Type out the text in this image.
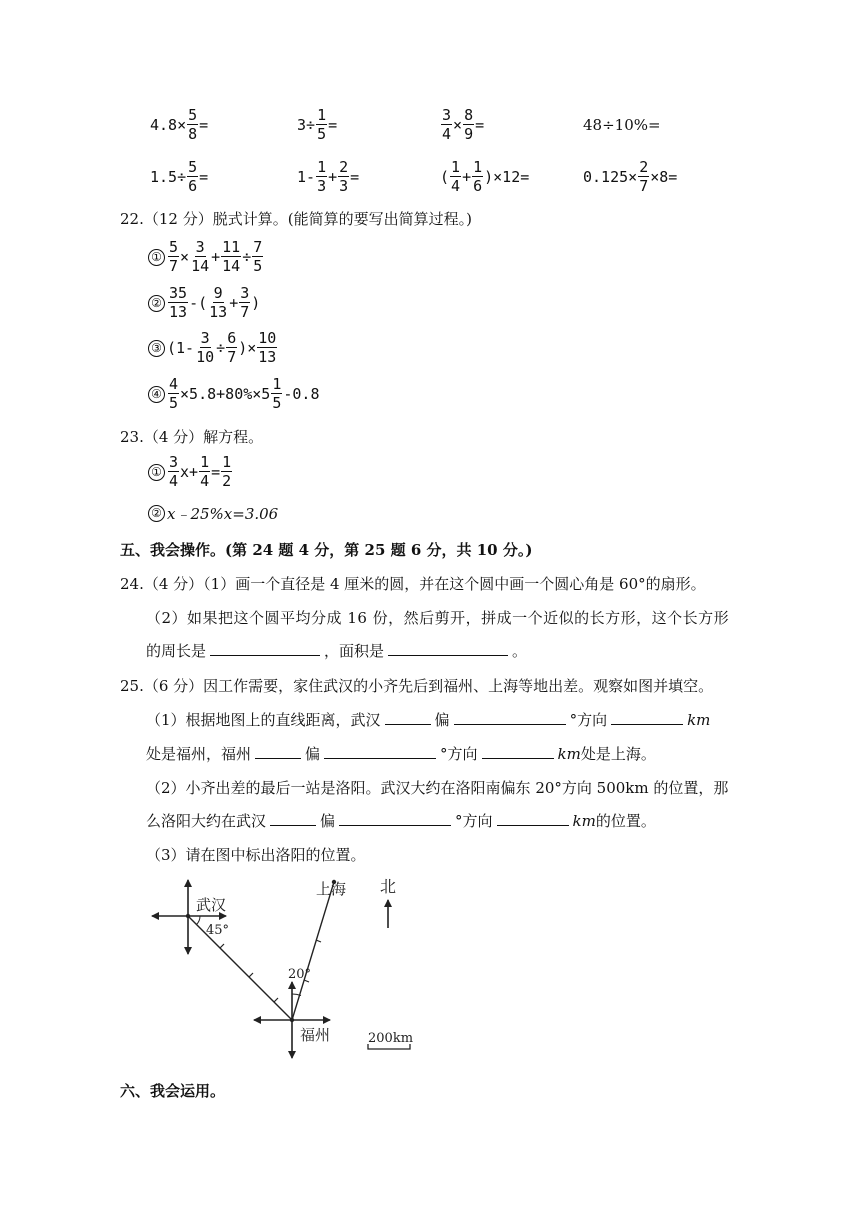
$4.8\times \frac{5}{8}$ =	$3\div \frac{1}{5}$ =	$\frac{3}{4} \times \frac{8}{9}$ =	48÷10%=
$1.5\div \frac{5}{6}$ =	$1- \frac{1}{3} + \frac{2}{3}$ =	( $\frac{1}{4} + \frac{1}{6} )\times 12=$	$0.125\times \frac{2}{7} \times 8=$
22.（12 分）脱式计算。(能简算的要写出简算过程。)
① $\frac{5}{7} \times \frac{3}{14} + \frac{11}{14} \div \frac{7}{5}$
② $\frac{35}{13}$ -( $\frac{9}{13} + \frac{3}{7}$ )
③ ($1- \frac{3}{10} \div \frac{6}{7}$ )× $\frac{10}{13}$
④ $\frac{4}{5} \times 5.8+80\%\times 5 \frac{1}{5} -0.8$
23.（4 分）解方程。
① $\frac{3}{4} x+ \frac{1}{4} = \frac{1}{2}$
② x﹣25%x=3.06
五、我会操作。(第 24 题 4 分，第 25 题 6 分，共 10 分。)
24.（4 分）（1）画一个直径是 4 厘米的圆，并在这个圆中画一个圆心角是 60°的扇形。
（2）如果把这个圆平均分成 16 份，然后剪开，拼成一个近似的长方形，这个长方形
的周长是	，面积是	。
25.（6 分）因工作需要，家住武汉的小齐先后到福州、上海等地出差。观察如图并填空。
（1）根据地图上的直线距离，武汉	偏	°方向	km
处是福州，福州	偏	°方向	km处是上海。
（2）小齐出差的最后一站是洛阳。武汉大约在洛阳南偏东 20°方向 500km 的位置，那
么洛阳大约在武汉	偏	°方向	km的位置。
（3）请在图中标出洛阳的位置。
武汉
45°
上海
20°
福州
北
200km
六、我会运用。
